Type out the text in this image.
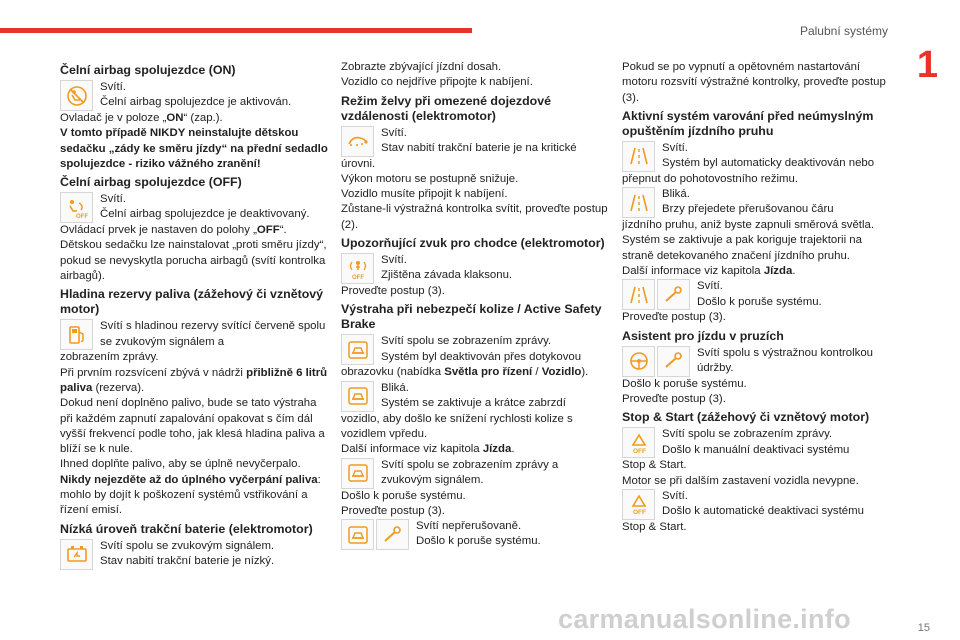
Palubní systémy
1
15
carmanualsonline.info
Čelní airbag spolujezdce (ON)

Svítí.

Čelní airbag spolujezdce je aktivován.

Ovladač je v poloze „ON“ (zap.).

V tomto případě NIKDY neinstalujte dětskou sedačku „zády ke směru jízdy“ na přední sedadlo spolujezdce - riziko vážného zranění!

Čelní airbag spolujezdce (OFF)
OFF

Svítí.

Čelní airbag spolujezdce je deaktivovaný.

Ovládací prvek je nastaven do polohy „OFF“.

Dětskou sedačku lze nainstalovat „proti směru jízdy“, pokud se nevyskytla porucha airbagů (svítí kontrolka airbagů).

Hladina rezervy paliva (zážehový či vznětový motor)

Svítí s hladinou rezervy svítící červeně spolu se zvukovým signálem a

zobrazením zprávy.

Při prvním rozsvícení zbývá v nádrži přibližně 6 litrů paliva (rezerva).

Dokud není doplněno palivo, bude se tato výstraha při každém zapnutí zapalování opakovat s čím dál vyšší frekvencí podle toho, jak klesá hladina paliva a blíží se k nule.

Ihned doplňte palivo, aby se úplně nevyčerpalo.

Nikdy nejezděte až do úplného vyčerpání paliva: mohlo by dojít k poškození systémů vstřikování a řízení emisí.

Nízká úroveň trakční baterie (elektromotor)

Svítí spolu se zvukovým signálem.

Stav nabití trakční baterie je nízký.

Zobrazte zbývající jízdní dosah.

Vozidlo co nejdříve připojte k nabíjení.

Režim želvy při omezené dojezdové vzdálenosti (elektromotor)

Svítí.

Stav nabití trakční baterie je na kritické

úrovni.

Výkon motoru se postupně snižuje.

Vozidlo musíte připojit k nabíjení.

Zůstane-li výstražná kontrolka svítit, proveďte postup (2).

Upozorňující zvuk pro chodce (elektromotor)
OFF

Svítí.

Zjištěna závada klaksonu.

Proveďte postup (3).

Výstraha při nebezpečí kolize / Active Safety Brake

Svítí spolu se zobrazením zprávy.

Systém byl deaktivován přes dotykovou

obrazovku (nabídka Světla pro řízení / Vozidlo).

Bliká.

Systém se zaktivuje a krátce zabrzdí

vozidlo, aby došlo ke snížení rychlosti kolize s vozidlem vpředu.

Další informace viz kapitola Jízda.

Svítí spolu se zobrazením zprávy a

zvukovým signálem.

Došlo k poruše systému.

Proveďte postup (3).

Svítí nepřerušovaně.

Došlo k poruše systému.

Pokud se po vypnutí a opětovném nastartování motoru rozsvítí výstražné kontrolky, proveďte postup (3).

Aktivní systém varování před neúmyslným opuštěním jízdního pruhu

Svítí.

Systém byl automaticky deaktivován nebo

přepnut do pohotovostního režimu.

Bliká.

Brzy přejedete přerušovanou čáru

jízdního pruhu, aniž byste zapnuli směrová světla.

Systém se zaktivuje a pak koriguje trajektorii na straně detekovaného značení jízdního pruhu.

Další informace viz kapitola Jízda.

Svítí.

Došlo k poruše systému.

Proveďte postup (3).

Asistent pro jízdu v pruzích

Svítí spolu s výstražnou kontrolkou

údržby.

Došlo k poruše systému.

Proveďte postup (3).

Stop & Start (zážehový či vznětový motor)
OFF

Svítí spolu se zobrazením zprávy.

Došlo k manuální deaktivaci systému

Stop & Start.

Motor se při dalším zastavení vozidla nevypne.

OFF

Svítí.

Došlo k automatické deaktivaci systému

Stop & Start.
